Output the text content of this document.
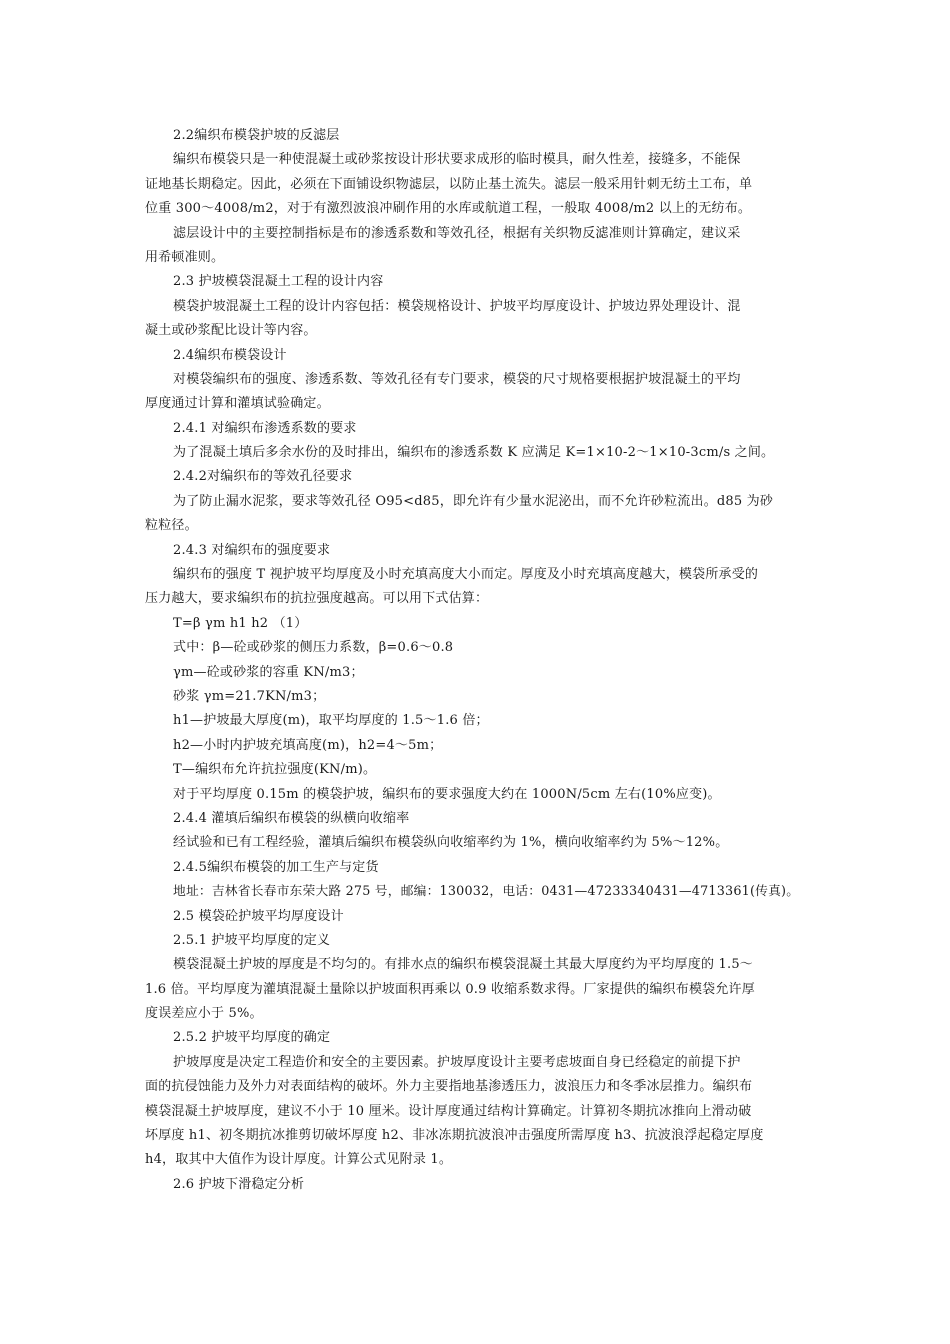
2.2编织布模袋护坡的反滤层
编织布模袋只是一种使混凝土或砂浆按设计形状要求成形的临时模具，耐久性差，接缝多，不能保
证地基长期稳定。因此，必须在下面铺设织物滤层，以防止基土流失。滤层一般采用针刺无纺土工布，单
位重 300～4008/m2，对于有激烈波浪冲刷作用的水库或航道工程，一般取 4008/m2 以上的无纺布。
滤层设计中的主要控制指标是布的渗透系数和等效孔径，根据有关织物反滤准则计算确定，建议采
用希顿准则。
2.3 护坡模袋混凝土工程的设计内容
模袋护坡混凝土工程的设计内容包括：模袋规格设计、护坡平均厚度设计、护坡边界处理设计、混
凝土或砂浆配比设计等内容。
2.4编织布模袋设计
对模袋编织布的强度、渗透系数、等效孔径有专门要求，模袋的尺寸规格要根据护坡混凝土的平均
厚度通过计算和灌填试验确定。
2.4.1 对编织布渗透系数的要求
为了混凝土填后多余水份的及时排出，编织布的渗透系数 K 应满足 K=1×10-2～1×10-3cm/s 之间。
2.4.2对编织布的等效孔径要求
为了防止漏水泥浆，要求等效孔径 O95<d85，即允许有少量水泥泌出，而不允许砂粒流出。d85 为砂
粒粒径。
2.4.3 对编织布的强度要求
编织布的强度 T 视护坡平均厚度及小时充填高度大小而定。厚度及小时充填高度越大，模袋所承受的
压力越大，要求编织布的抗拉强度越高。可以用下式估算：
T=β γm h1 h2 （1）
式中：β—砼或砂浆的侧压力系数，β=0.6～0.8
γm—砼或砂浆的容重 KN/m3；
砂浆 γm=21.7KN/m3；
h1—护坡最大厚度(m)，取平均厚度的 1.5～1.6 倍；
h2—小时内护坡充填高度(m)，h2=4～5m；
T—编织布允许抗拉强度(KN/m)。
对于平均厚度 0.15m 的模袋护坡，编织布的要求强度大约在 1000N/5cm 左右(10%应变)。
2.4.4 灌填后编织布模袋的纵横向收缩率
经试验和已有工程经验，灌填后编织布模袋纵向收缩率约为 1%，横向收缩率约为 5%～12%。
2.4.5编织布模袋的加工生产与定货
地址：吉林省长春市东荣大路 275 号，邮编：130032，电话：0431—47233340431—4713361(传真)。
2.5 模袋砼护坡平均厚度设计
2.5.1 护坡平均厚度的定义
模袋混凝土护坡的厚度是不均匀的。有排水点的编织布模袋混凝土其最大厚度约为平均厚度的 1.5～
1.6 倍。平均厚度为灌填混凝土量除以护坡面积再乘以 0.9 收缩系数求得。厂家提供的编织布模袋允许厚
度误差应小于 5%。
2.5.2 护坡平均厚度的确定
护坡厚度是决定工程造价和安全的主要因素。护坡厚度设计主要考虑坡面自身已经稳定的前提下护
面的抗侵蚀能力及外力对表面结构的破坏。外力主要指地基渗透压力，波浪压力和冬季冰层推力。编织布
模袋混凝土护坡厚度，建议不小于 10 厘米。设计厚度通过结构计算确定。计算初冬期抗冰推向上滑动破
坏厚度 h1、初冬期抗冰推剪切破坏厚度 h2、非冰冻期抗波浪冲击强度所需厚度 h3、抗波浪浮起稳定厚度
h4，取其中大值作为设计厚度。计算公式见附录 1。
2.6 护坡下滑稳定分析
